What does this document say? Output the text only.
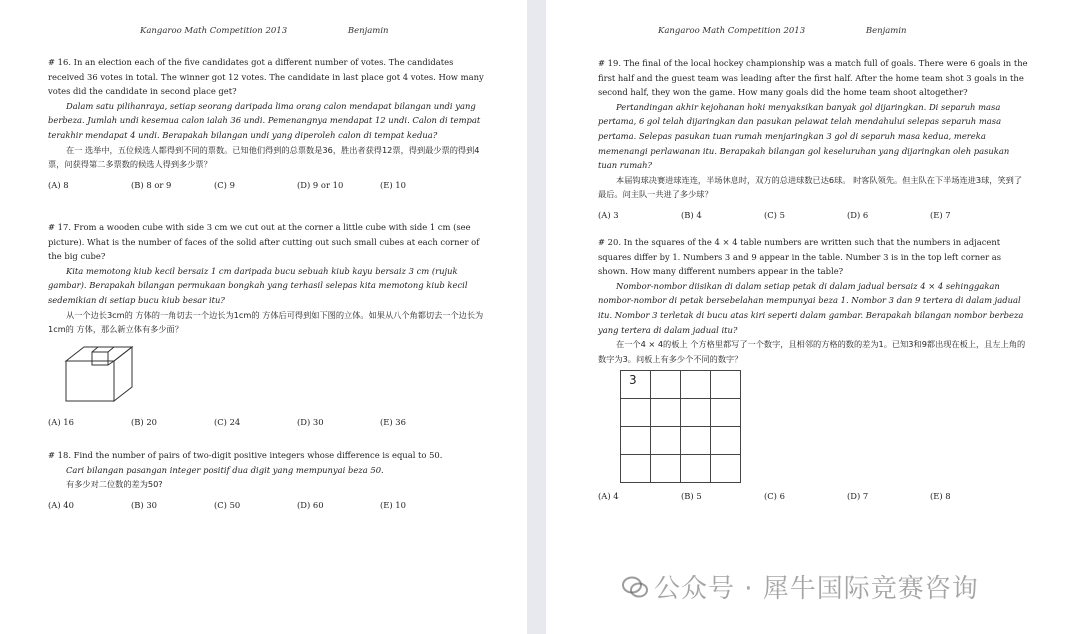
Kangaroo Math Competition 2013	Benjamin

# 16. In an election each of the five candidates got a different number of votes. The candidates received 36 votes in total. The winner got 12 votes. The candidate in last place got 4 votes. How many votes did the candidate in second place get?

Dalam satu pilihanraya, setiap seorang daripada lima orang calon mendapat bilangan undi yang berbeza. Jumlah undi kesemua calon ialah 36 undi. Pemenangnya mendapat 12 undi. Calon di tempat terakhir mendapat 4 undi. Berapakah bilangan undi yang diperoleh calon di tempat kedua?

在一 选举中，五位候选人都得到不同的票数。已知他们得到的总票数是36，胜出者获得12票，得到最少票的得到4票，问获得第二多票数的候选人得到多少票？

(A) 8	(B) 8 or 9	(C) 9	(D) 9 or 10	(E) 10

# 17. From a wooden cube with side 3 cm we cut out at the corner a little cube with side 1 cm (see picture). What is the number of faces of the solid after cutting out such small cubes at each corner of the big cube?

Kita memotong kiub kecil bersaiz 1 cm daripada bucu sebuah kiub kayu bersaiz 3 cm (rujuk gambar). Berapakah bilangan permukaan bongkah yang terhasil selepas kita memotong kiub kecil sedemikian di setiap bucu kiub besar itu?

从一个边长3cm的 方体的一角切去一个边长为1cm的 方体后可得到如下图的立体。如果从八个角都切去一个边长为1cm的 方体，那么新立体有多少面？

(A) 16	(B) 20	(C) 24	(D) 30	(E) 36

# 18. Find the number of pairs of two-digit positive integers whose difference is equal to 50.

Cari bilangan pasangan integer positif dua digit yang mempunyai beza 50.

有多少对二位数的差为50?

(A) 40	(B) 30	(C) 50	(D) 60	(E) 10
Kangaroo Math Competition 2013	Benjamin

# 19. The final of the local hockey championship was a match full of goals. There were 6 goals in the first half and the guest team was leading after the first half. After the home team shot 3 goals in the second half, they won the game. How many goals did the home team shoot altogether?

Pertandingan akhir kejohanan hoki menyaksikan banyak gol dijaringkan. Di separuh masa pertama, 6 gol telah dijaringkan dan pasukan pelawat telah mendahului selepas separuh masa pertama. Selepas pasukan tuan rumah menjaringkan 3 gol di separuh masa kedua, mereka memenangi perlawanan itu. Berapakah bilangan gol keseluruhan yang dijaringkan oleh pasukan tuan rumah?

本届钩球决赛进球连连，半场休息时，双方的总进球数已达6球。 时客队领先。但主队在下半场连进3球，笑到了最后。问主队一共进了多少球？

(A) 3	(B) 4	(C) 5	(D) 6	(E) 7

# 20. In the squares of the 4 × 4 table numbers are written such that the numbers in adjacent squares differ by 1. Numbers 3 and 9 appear in the table. Number 3 is in the top left corner as shown. How many different numbers appear in the table?

Nombor-nombor diisikan di dalam setiap petak di dalam jadual bersaiz 4 × 4 sehinggakan nombor-nombor di petak bersebelahan mempunyai beza 1. Nombor 3 dan 9 tertera di dalam jadual itu. Nombor 3 terletak di bucu atas kiri seperti dalam gambar. Berapakah bilangan nombor berbeza yang tertera di dalam jadual itu?

在一个4 × 4的板上 个方格里都写了一个数字，且相邻的方格的数的差为1。已知3和9都出现在板上，且左上角的数字为3。问板上有多少个不同的数字？

3			

(A) 4	(B) 5	(C) 6	(D) 7	(E) 8
公众号 · 犀牛国际竞赛咨询
